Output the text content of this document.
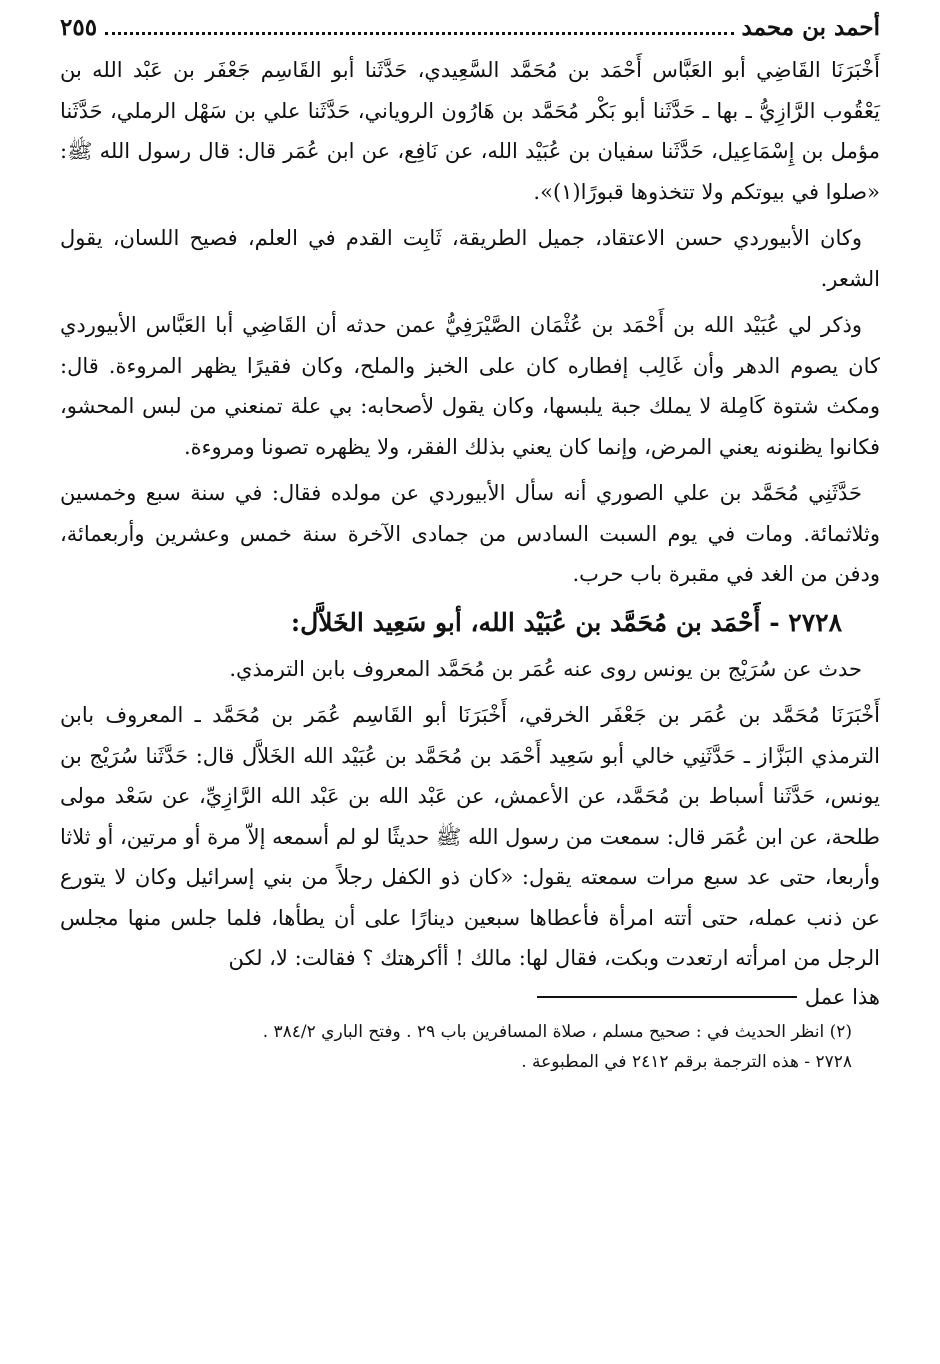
أحمد بن محمد
٢٥٥

أَخْبَرَنَا القَاضِي أبو العَبَّاس أَحْمَد بن مُحَمَّد السَّعِيدي، حَدَّثَنا أبو القَاسِم جَعْفَر بن عَبْد الله بن يَعْقُوب الرَّازِيُّ ـ بها ـ حَدَّثَنا أبو بَكْر مُحَمَّد بن هَارُون الروياني، حَدَّثَنا علي بن سَهْل الرملي، حَدَّثَنا مؤمل بن إِسْمَاعِيل، حَدَّثَنا سفيان بن عُبَيْد الله، عن نَافِع، عن ابن عُمَر قال: قال رسول الله ﷺ: «صلوا في بيوتكم ولا تتخذوها قبورًا(١)».

وكان الأبيوردي حسن الاعتقاد، جميل الطريقة، ثَابِت القدم في العلم، فصيح اللسان، يقول الشعر.

وذكر لي عُبَيْد الله بن أَحْمَد بن عُثْمَان الصَّيْرَفِيُّ عمن حدثه أن القَاضِي أبا العَبَّاس الأبيوردي كان يصوم الدهر وأن غَالِب إفطاره كان على الخبز والملح، وكان فقيرًا يظهر المروءة. قال: ومكث شتوة كَامِلة لا يملك جبة يلبسها، وكان يقول لأصحابه: بي علة تمنعني من لبس المحشو، فكانوا يظنونه يعني المرض، وإنما كان يعني بذلك الفقر، ولا يظهره تصونا ومروءة.

حَدَّثَنِي مُحَمَّد بن علي الصوري أنه سأل الأبيوردي عن مولده فقال: في سنة سبع وخمسين وثلاثمائة. ومات في يوم السبت السادس من جمادى الآخرة سنة خمس وعشرين وأربعمائة، ودفن من الغد في مقبرة باب حرب.

٢٧٢٨ - أَحْمَد بن مُحَمَّد بن عُبَيْد الله، أبو سَعِيد الخَلاَّل:

حدث عن سُرَيْج بن يونس روى عنه عُمَر بن مُحَمَّد المعروف بابن الترمذي.

أَخْبَرَنَا مُحَمَّد بن عُمَر بن جَعْفَر الخرقي، أَخْبَرَنَا أبو القَاسِم عُمَر بن مُحَمَّد ـ المعروف بابن الترمذي البَزَّاز ـ حَدَّثَنِي خالي أبو سَعِيد أَحْمَد بن مُحَمَّد بن عُبَيْد الله الخَلاَّل قال: حَدَّثَنا سُرَيْج بن يونس، حَدَّثَنا أسباط بن مُحَمَّد، عن الأعمش، عن عَبْد الله بن عَبْد الله الرَّازِيِّ، عن سَعْد مولى طلحة، عن ابن عُمَر قال: سمعت من رسول الله ﷺ حديثًا لو لم أسمعه إلاّ مرة أو مرتين، أو ثلاثا وأربعا، حتى عد سبع مرات سمعته يقول: «كان ذو الكفل رجلاً من بني إسرائيل وكان لا يتورع عن ذنب عمله، حتى أتته امرأة فأعطاها سبعين دينارًا على أن يطأها، فلما جلس منها مجلس الرجل من امرأته ارتعدت وبكت، فقال لها: مالك ! أأكرهتك ؟ فقالت: لا، لكن

هذا عمل

(٢) انظر الحديث في : صحيح مسلم ، صلاة المسافرين باب ٢٩ . وفتح الباري ٣٨٤/٢ .

٢٧٢٨ - هذه الترجمة برقم ٢٤١٢ في المطبوعة .
